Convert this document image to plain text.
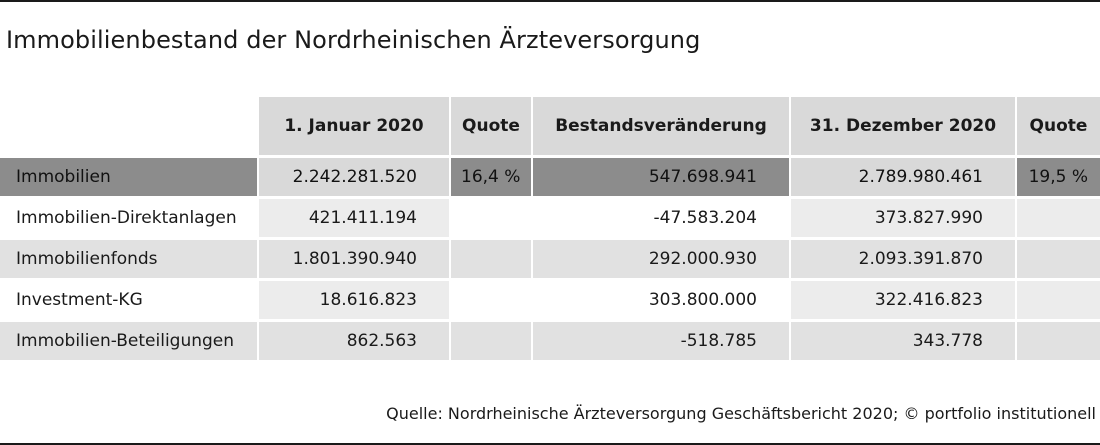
Immobilienbestand der Nordrheinischen Ärzteversorgung
	1. Januar 2020	Quote	Bestandsveränderung	31. Dezember 2020	Quote
Immobilien	2.242.281.520	16,4 %	547.698.941	2.789.980.461	19,5 %
Immobilien-Direktanlagen	421.411.194		-47.583.204	373.827.990	
Immobilienfonds	1.801.390.940		292.000.930	2.093.391.870	
Investment-KG	18.616.823		303.800.000	322.416.823	
Immobilien-Beteiligungen	862.563		-518.785	343.778	
Quelle: Nordrheinische Ärzteversorgung Geschäftsbericht 2020; © portfolio institutionell
